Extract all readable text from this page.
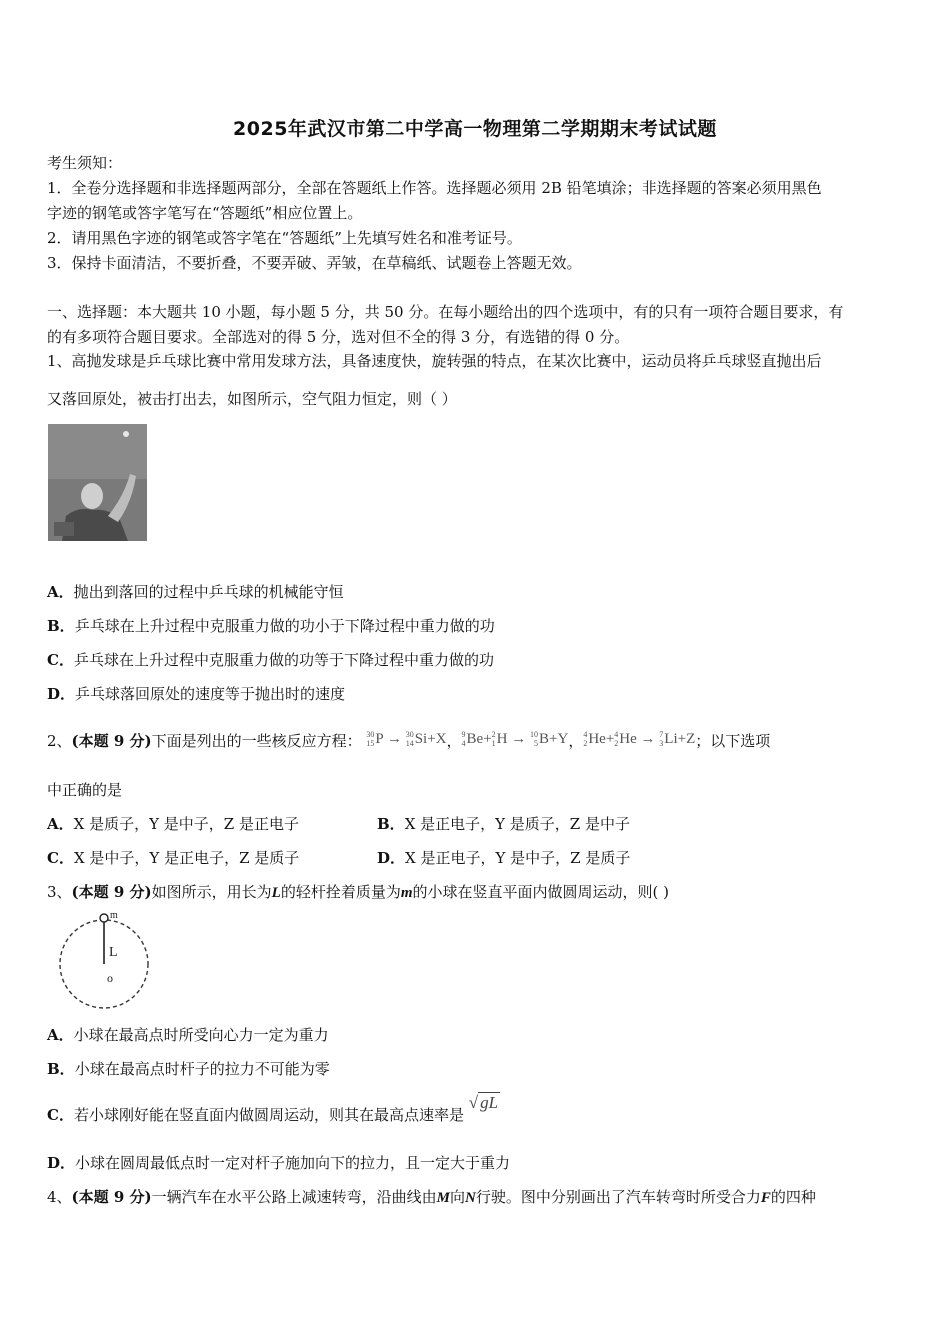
2025年武汉市第二中学高一物理第二学期期末考试试题
考生须知：
1．全卷分选择题和非选择题两部分，全部在答题纸上作答。选择题必须用 2B 铅笔填涂；非选择题的答案必须用黑色
字迹的钢笔或答字笔写在“答题纸”相应位置上。
2．请用黑色字迹的钢笔或答字笔在“答题纸”上先填写姓名和准考证号。
3．保持卡面清洁，不要折叠，不要弄破、弄皱，在草稿纸、试题卷上答题无效。
一、选择题：本大题共 10 小题，每小题 5 分，共 50 分。在每小题给出的四个选项中，有的只有一项符合题目要求，有
的有多项符合题目要求。全部选对的得 5 分，选对但不全的得 3 分，有选错的得 0 分。
1、高抛发球是乒乓球比赛中常用发球方法，具备速度快，旋转强的特点，在某次比赛中，运动员将乒乓球竖直抛出后
又落回原处，被击打出去，如图所示，空气阻力恒定，则（ ）
A．抛出到落回的过程中乒乓球的机械能守恒
B．乒乓球在上升过程中克服重力做的功小于下降过程中重力做的功
C．乒乓球在上升过程中克服重力做的功等于下降过程中重力做的功
D．乒乓球落回原处的速度等于抛出时的速度
2、(本题 9 分)下面是列出的一些核反应方程： 30
15 P →
30
14 Si+X ， 9
4 Be+ 2
1 H →
10
5 B+Y ， 4
2 He+ 4
2 He →
7
3 Li+Z ；以下选项
中正确的是
A．X 是质子，Y 是中子，Z 是正电子	B．X 是正电子，Y 是质子，Z 是中子
C．X 是中子，Y 是正电子，Z 是质子	D．X 是正电子，Y 是中子，Z 是质子
3、(本题 9 分)如图所示，用长为L的轻杆拴着质量为m的小球在竖直平面内做圆周运动，则( )
m
L
o
A．小球在最高点时所受向心力一定为重力
B．小球在最高点时杆子的拉力不可能为零
C．若小球刚好能在竖直面内做圆周运动，则其在最高点速率是 √ gL
D．小球在圆周最低点时一定对杆子施加向下的拉力，且一定大于重力
4、(本题 9 分)一辆汽车在水平公路上减速转弯，沿曲线由M向N行驶。图中分别画出了汽车转弯时所受合力F的四种
